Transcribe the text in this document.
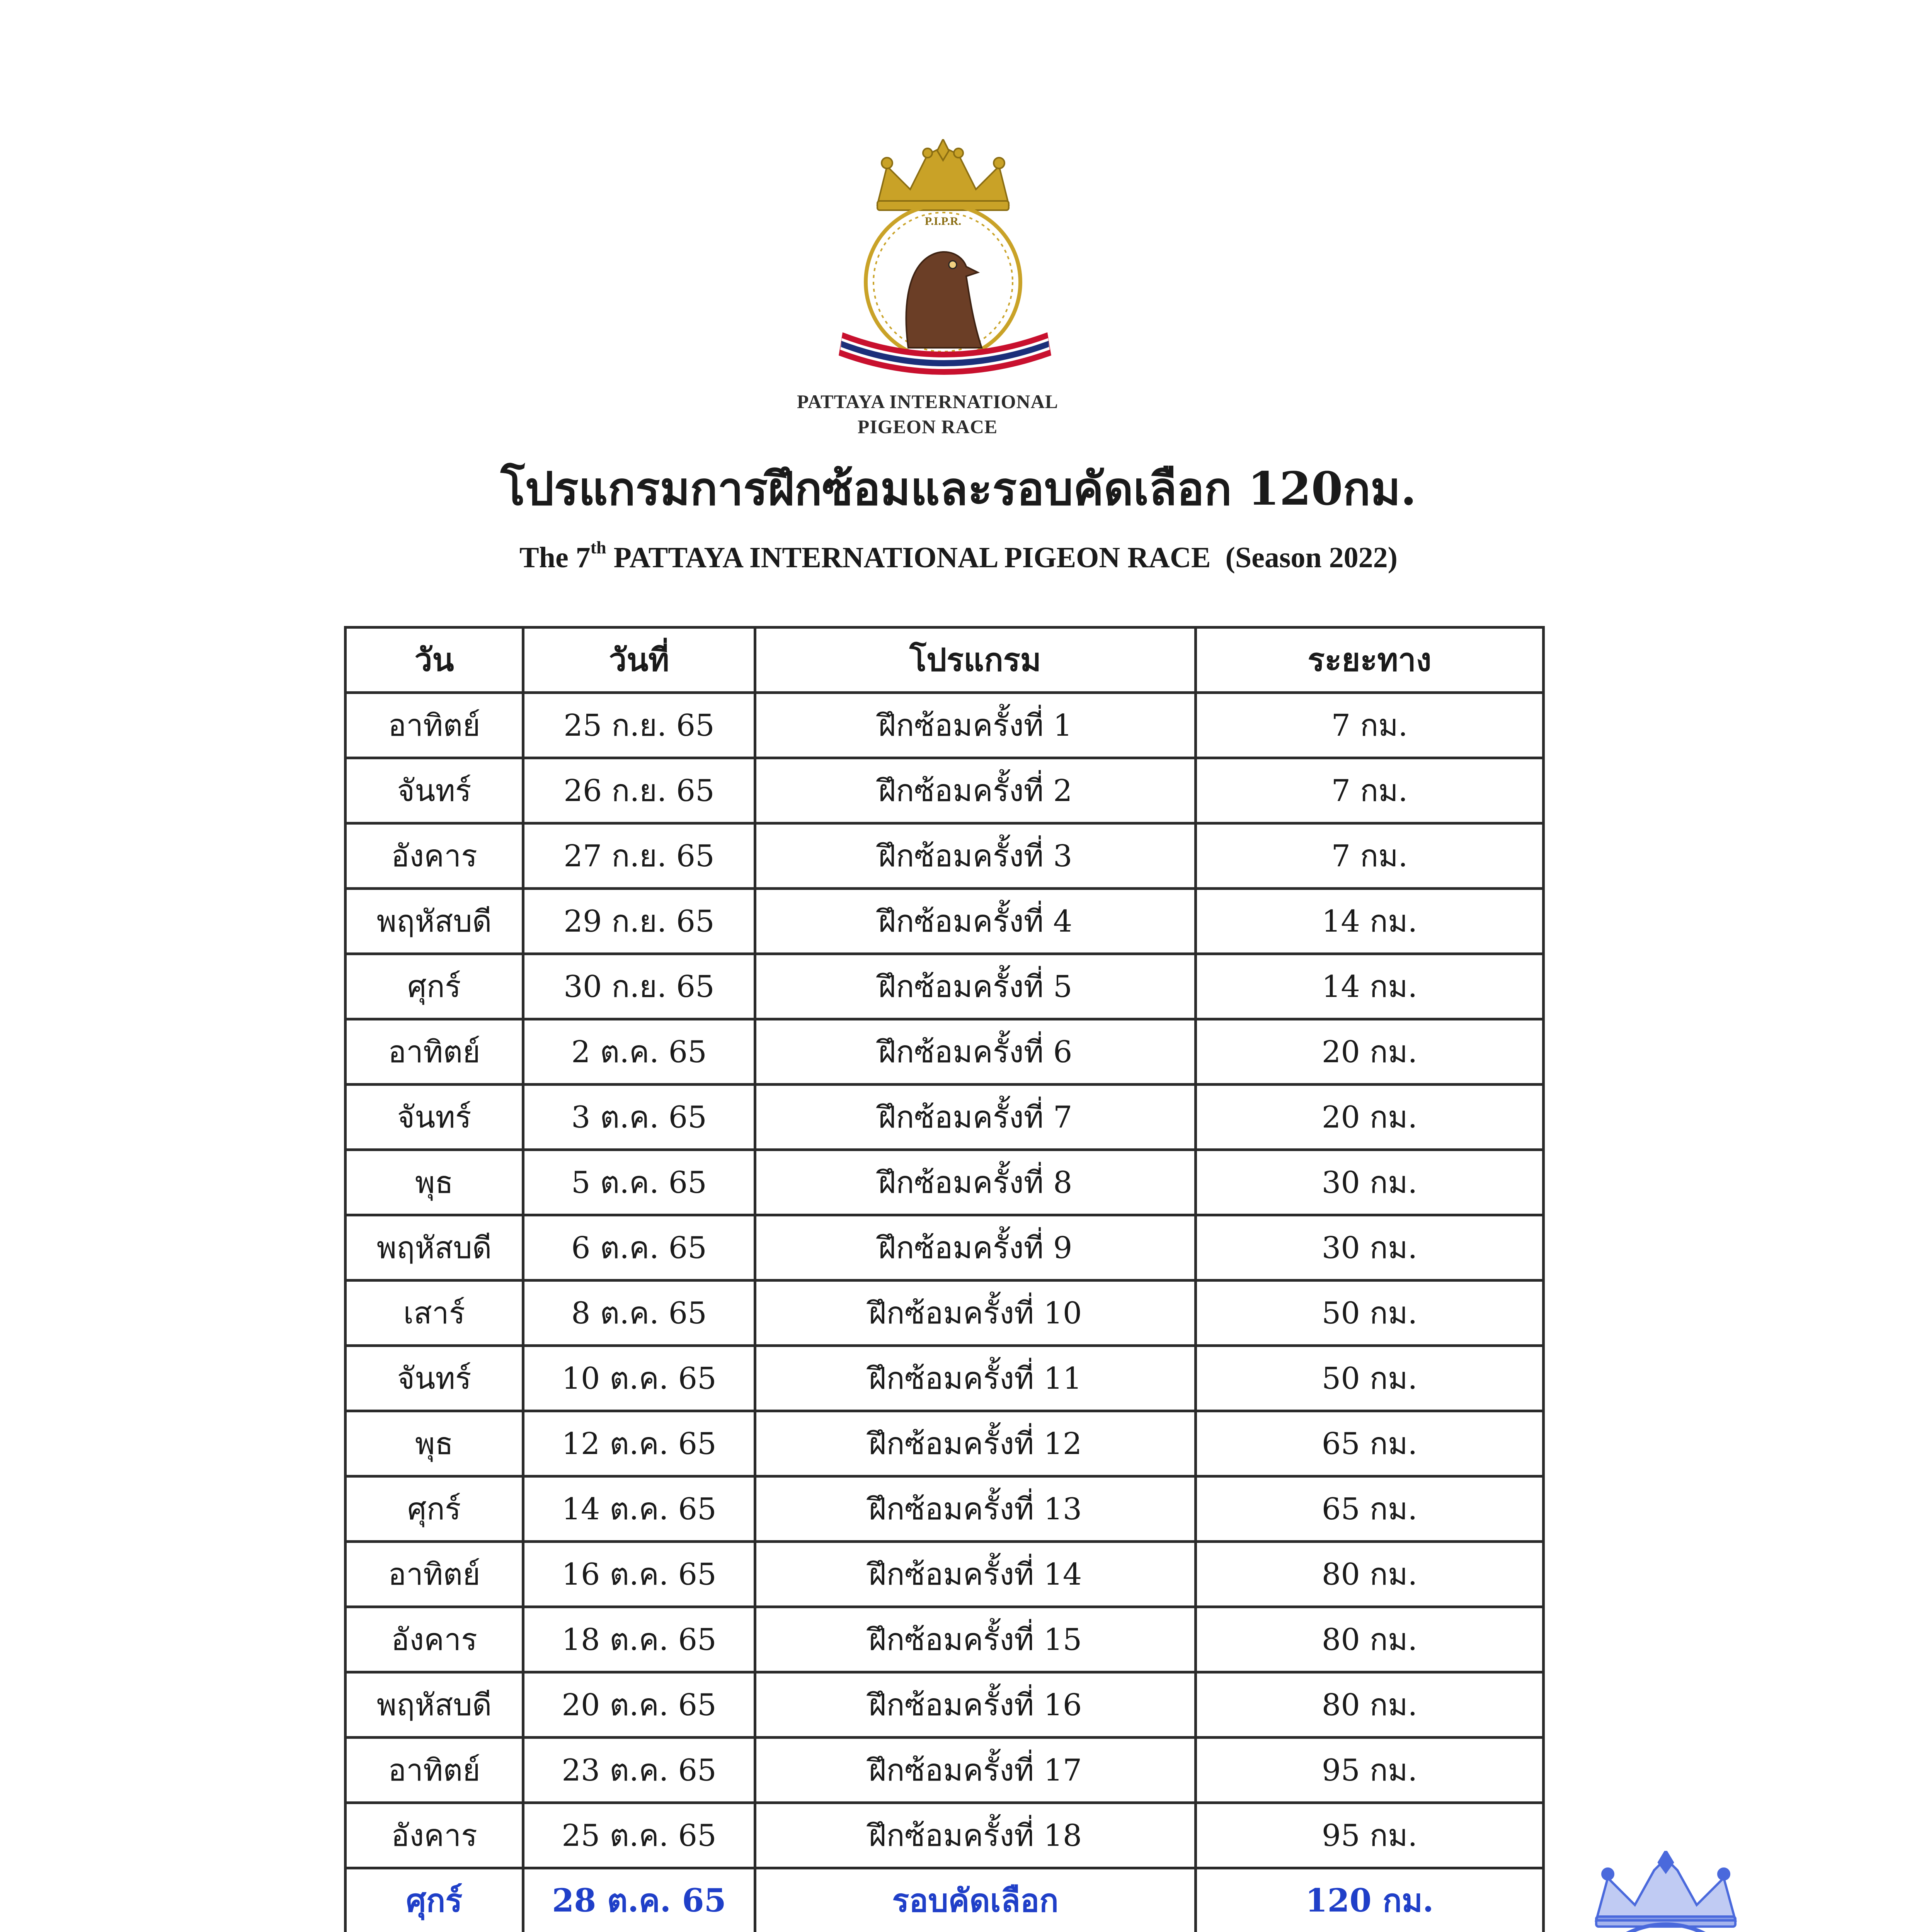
P.I.P.R.
PATTAYA INTERNATIONAL
PIGEON RACE
โปรแกรมการฝึกซ้อมและรอบคัดเลือก 120กม.
The 7th PATTAYA INTERNATIONAL PIGEON RACE  (Season 2022)
วัน	วันที่	โปรแกรม	ระยะทาง
อาทิตย์	25 ก.ย. 65	ฝึกซ้อมครั้งที่ 1	7 กม.
จันทร์	26 ก.ย. 65	ฝึกซ้อมครั้งที่ 2	7 กม.
อังคาร	27 ก.ย. 65	ฝึกซ้อมครั้งที่ 3	7 กม.
พฤหัสบดี	29 ก.ย. 65	ฝึกซ้อมครั้งที่ 4	14 กม.
ศุกร์	30 ก.ย. 65	ฝึกซ้อมครั้งที่ 5	14 กม.
อาทิตย์	2 ต.ค. 65	ฝึกซ้อมครั้งที่ 6	20 กม.
จันทร์	3 ต.ค. 65	ฝึกซ้อมครั้งที่ 7	20 กม.
พุธ	5 ต.ค. 65	ฝึกซ้อมครั้งที่ 8	30 กม.
พฤหัสบดี	6 ต.ค. 65	ฝึกซ้อมครั้งที่ 9	30 กม.
เสาร์	8 ต.ค. 65	ฝึกซ้อมครั้งที่ 10	50 กม.
จันทร์	10 ต.ค. 65	ฝึกซ้อมครั้งที่ 11	50 กม.
พุธ	12 ต.ค. 65	ฝึกซ้อมครั้งที่ 12	65 กม.
ศุกร์	14 ต.ค. 65	ฝึกซ้อมครั้งที่ 13	65 กม.
อาทิตย์	16 ต.ค. 65	ฝึกซ้อมครั้งที่ 14	80 กม.
อังคาร	18 ต.ค. 65	ฝึกซ้อมครั้งที่ 15	80 กม.
พฤหัสบดี	20 ต.ค. 65	ฝึกซ้อมครั้งที่ 16	80 กม.
อาทิตย์	23 ต.ค. 65	ฝึกซ้อมครั้งที่ 17	95 กม.
อังคาร	25 ต.ค. 65	ฝึกซ้อมครั้งที่ 18	95 กม.
ศุกร์	28 ต.ค. 65	รอบคัดเลือก	120 กม.
